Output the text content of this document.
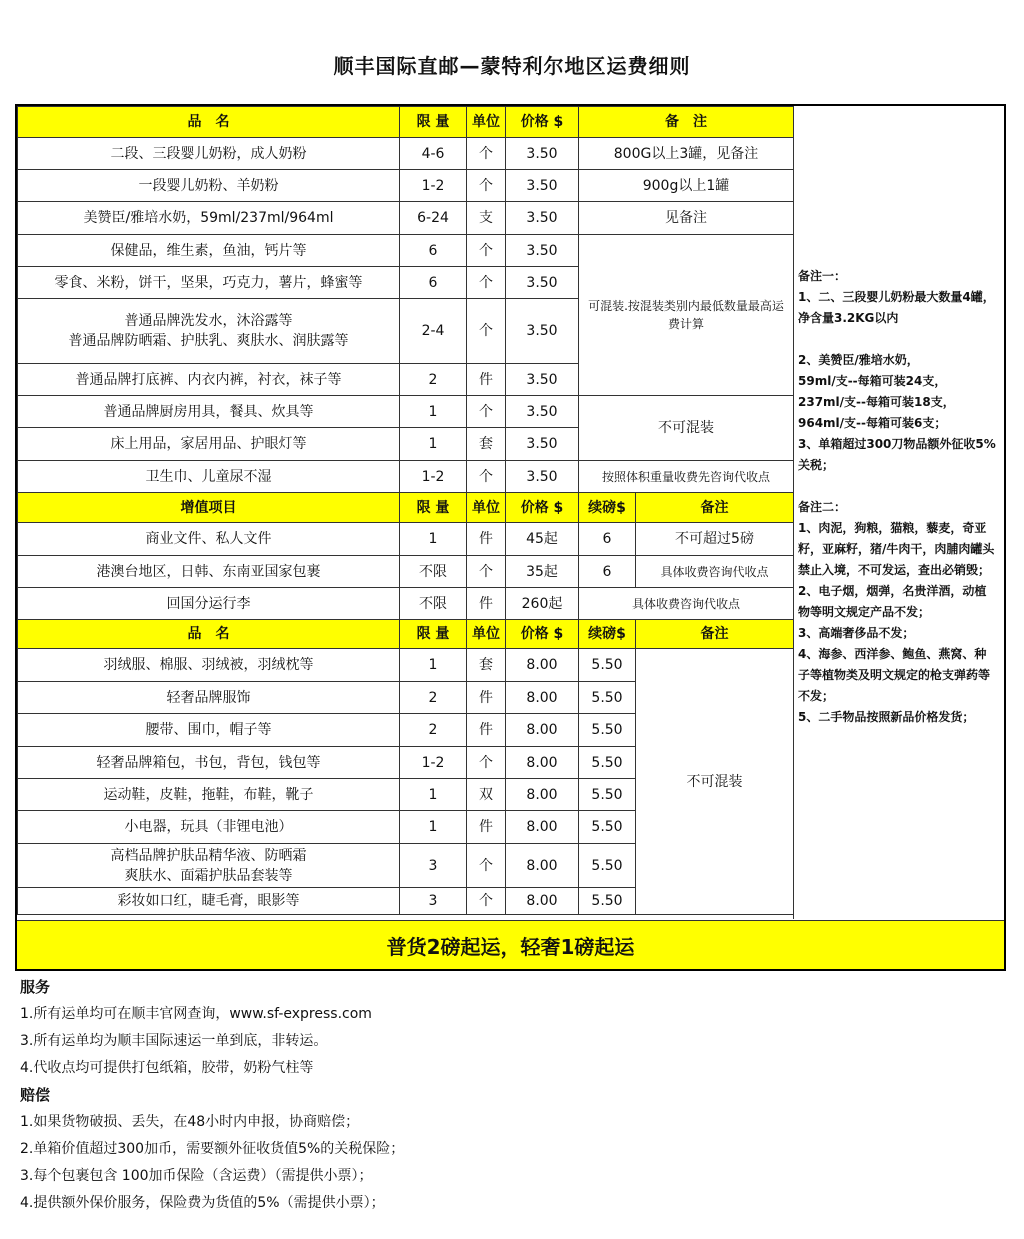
顺丰国际直邮—蒙特利尔地区运费细则
品　名	限 量	单位	价格 $	备　注	
二段、三段婴儿奶粉，成人奶粉	4-6	个	3.50	800G以上3罐，见备注	
一段婴儿奶粉、羊奶粉	1-2	个	3.50	900g以上1罐	
美赞臣/雅培水奶，59ml/237ml/964ml	6-24	支	3.50	见备注	
保健品，维生素，鱼油，钙片等	6	个	3.50	可混装.按混装类别内最低数量最高运费计算	
零食、米粉，饼干，坚果，巧克力，薯片，蜂蜜等	6	个	3.50		

普通品牌洗发水，沐浴露等
普通品牌防晒霜、护肤乳、爽肤水、润肤露等	2-4	个	3.50		
普通品牌打底裤、内衣内裤，衬衣，袜子等	2	件	3.50		
普通品牌厨房用具，餐具、炊具等	1	个	3.50	不可混装	
床上用品，家居用品、护眼灯等	1	套	3.50		
卫生巾、儿童尿不湿	1-2	个	3.50	按照体积重量收费先咨询代收点	
增值项目	限 量	单位	价格 $	续磅$	备注
商业文件、私人文件	1	件	45起	6	不可超过5磅
港澳台地区，日韩、东南亚国家包裹	不限	个	35起	6	具体收费咨询代收点
回国分运行李	不限	件	260起	具体收费咨询代收点	
品　名	限 量	单位	价格 $	续磅$	备注
羽绒服、棉服、羽绒被，羽绒枕等	1	套	8.00	5.50	不可混装
轻奢品牌服饰	2	件	8.00	5.50	
腰带、围巾，帽子等	2	件	8.00	5.50	
轻奢品牌箱包，书包，背包，钱包等	1-2	个	8.00	5.50	
运动鞋，皮鞋，拖鞋，布鞋，靴子	1	双	8.00	5.50	
小电器，玩具（非锂电池）	1	件	8.00	5.50	

高档品牌护肤品精华液、防晒霜
爽肤水、面霜护肤品套装等	3	个	8.00	5.50	
彩妆如口红，睫毛膏，眼影等	3	个	8.00	5.50	

备注一：

1、二、三段婴儿奶粉最大数量4罐，净含量3.2KG以内

2、美赞臣/雅培水奶，
59ml/支--每箱可装24支，
237ml/支--每箱可装18支，
964ml/支--每箱可装6支；

3、单箱超过300刀物品额外征收5%关税；

备注二：

1、肉泥，狗粮，猫粮，藜麦，奇亚籽，亚麻籽，猪/牛肉干，肉脯肉罐头禁止入境，不可发运，查出必销毁；

2、电子烟，烟弹，名贵洋酒，动植物等明文规定产品不发；

3、高端奢侈品不发；

4、海参、西洋参、鲍鱼、燕窝、种子等植物类及明文规定的枪支弹药等不发；

5、二手物品按照新品价格发货；

普货2磅起运，轻奢1磅起运
服务
1.所有运单均可在顺丰官网查询，www.sf-express.com
3.所有运单均为顺丰国际速运一单到底，非转运。
4.代收点均可提供打包纸箱，胶带，奶粉气柱等
赔偿
1.如果货物破损、丢失，在48小时内申报，协商赔偿；
2.单箱价值超过300加币，需要额外征收货值5%的关税保险；
3.每个包裹包含 100加币保险（含运费）（需提供小票）；
4.提供额外保价服务，保险费为货值的5%（需提供小票）；
